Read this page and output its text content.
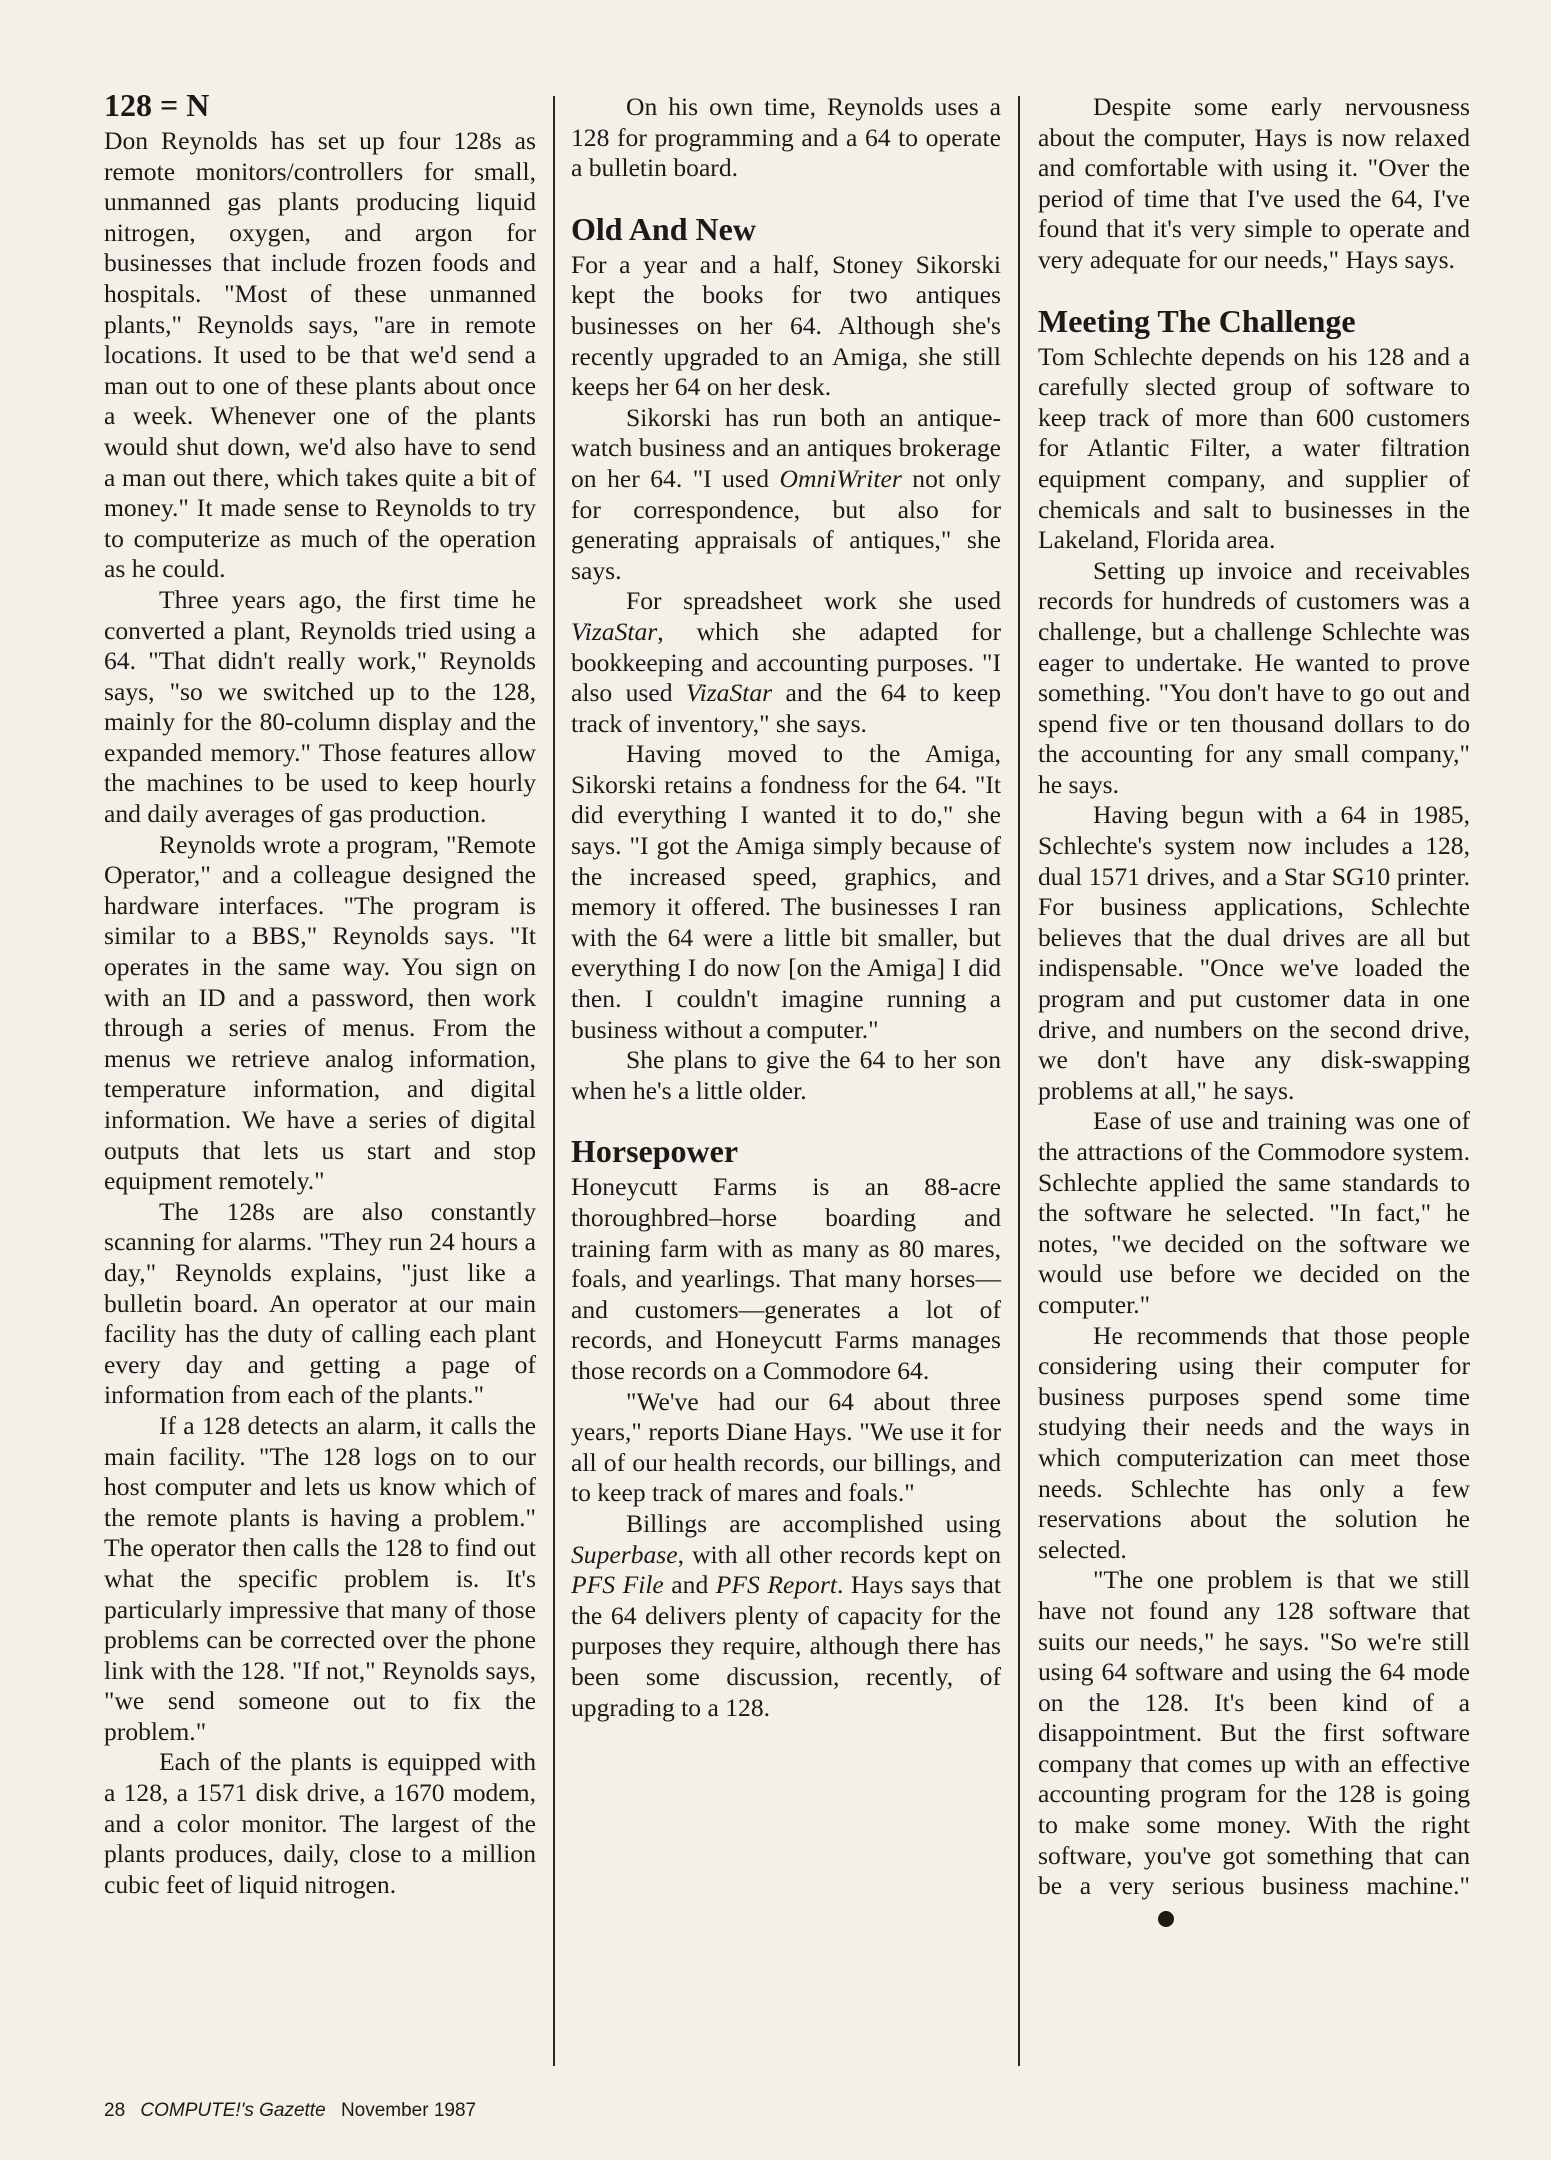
128 = N

Don Reynolds has set up four 128s as remote monitors/controllers for small, unmanned gas plants producing liquid nitrogen, oxygen, and argon for businesses that include frozen foods and hospitals. "Most of these unmanned plants," Reynolds says, "are in remote locations. It used to be that we'd send a man out to one of these plants about once a week. Whenever one of the plants would shut down, we'd also have to send a man out there, which takes quite a bit of money." It made sense to Reynolds to try to computerize as much of the operation as he could.

Three years ago, the first time he converted a plant, Reynolds tried using a 64. "That didn't really work," Reynolds says, "so we switched up to the 128, mainly for the 80-column display and the expanded memory." Those features allow the machines to be used to keep hourly and daily averages of gas production.

Reynolds wrote a program, "Remote Operator," and a colleague designed the hardware interfaces. "The program is similar to a BBS," Reynolds says. "It operates in the same way. You sign on with an ID and a password, then work through a series of menus. From the menus we retrieve analog information, temperature information, and digital information. We have a series of digital outputs that lets us start and stop equipment remotely."

The 128s are also constantly scanning for alarms. "They run 24 hours a day," Reynolds explains, "just like a bulletin board. An operator at our main facility has the duty of calling each plant every day and getting a page of information from each of the plants."

If a 128 detects an alarm, it calls the main facility. "The 128 logs on to our host computer and lets us know which of the remote plants is having a problem." The operator then calls the 128 to find out what the specific problem is. It's particularly impressive that many of those problems can be corrected over the phone link with the 128. "If not," Reynolds says, "we send someone out to fix the problem."

Each of the plants is equipped with a 128, a 1571 disk drive, a 1670 modem, and a color monitor. The largest of the plants produces, daily, close to a million cubic feet of liquid nitrogen.

On his own time, Reynolds uses a 128 for programming and a 64 to operate a bulletin board.

Old And New

For a year and a half, Stoney Sikorski kept the books for two antiques businesses on her 64. Although she's recently upgraded to an Amiga, she still keeps her 64 on her desk.

Sikorski has run both an antique-watch business and an antiques brokerage on her 64. "I used OmniWriter not only for correspondence, but also for generating appraisals of antiques," she says.

For spreadsheet work she used VizaStar, which she adapted for bookkeeping and accounting purposes. "I also used VizaStar and the 64 to keep track of inventory," she says.

Having moved to the Amiga, Sikorski retains a fondness for the 64. "It did everything I wanted it to do," she says. "I got the Amiga simply because of the increased speed, graphics, and memory it offered. The businesses I ran with the 64 were a little bit smaller, but everything I do now [on the Amiga] I did then. I couldn't imagine running a business without a computer."

She plans to give the 64 to her son when he's a little older.

Horsepower

Honeycutt Farms is an 88-acre thoroughbred–horse boarding and training farm with as many as 80 mares, foals, and yearlings. That many horses—and customers—generates a lot of records, and Honeycutt Farms manages those records on a Commodore 64.

"We've had our 64 about three years," reports Diane Hays. "We use it for all of our health records, our billings, and to keep track of mares and foals."

Billings are accomplished using Superbase, with all other records kept on PFS File and PFS Report. Hays says that the 64 delivers plenty of capacity for the purposes they require, although there has been some discussion, recently, of upgrading to a 128.

Despite some early nervousness about the computer, Hays is now relaxed and comfortable with using it. "Over the period of time that I've used the 64, I've found that it's very simple to operate and very adequate for our needs," Hays says.

Meeting The Challenge

Tom Schlechte depends on his 128 and a carefully slected group of software to keep track of more than 600 customers for Atlantic Filter, a water filtration equipment company, and supplier of chemicals and salt to businesses in the Lakeland, Florida area.

Setting up invoice and receivables records for hundreds of customers was a challenge, but a challenge Schlechte was eager to undertake. He wanted to prove something. "You don't have to go out and spend five or ten thousand dollars to do the accounting for any small company," he says.

Having begun with a 64 in 1985, Schlechte's system now includes a 128, dual 1571 drives, and a Star SG10 printer. For business applications, Schlechte believes that the dual drives are all but indispensable. "Once we've loaded the program and put customer data in one drive, and numbers on the second drive, we don't have any disk-swapping problems at all," he says.

Ease of use and training was one of the attractions of the Commodore system. Schlechte applied the same standards to the software he selected. "In fact," he notes, "we decided on the software we would use before we decided on the computer."

He recommends that those people considering using their computer for business purposes spend some time studying their needs and the ways in which computerization can meet those needs. Schlechte has only a few reservations about the solution he selected.

"The one problem is that we still have not found any 128 software that suits our needs," he says. "So we're still using 64 software and using the 64 mode on the 128. It's been kind of a disappointment. But the first software company that comes up with an effective accounting program for the 128 is going to make some money. With the right software, you've got something that can be a very serious business machine."

28 COMPUTE!'s Gazette November 1987
